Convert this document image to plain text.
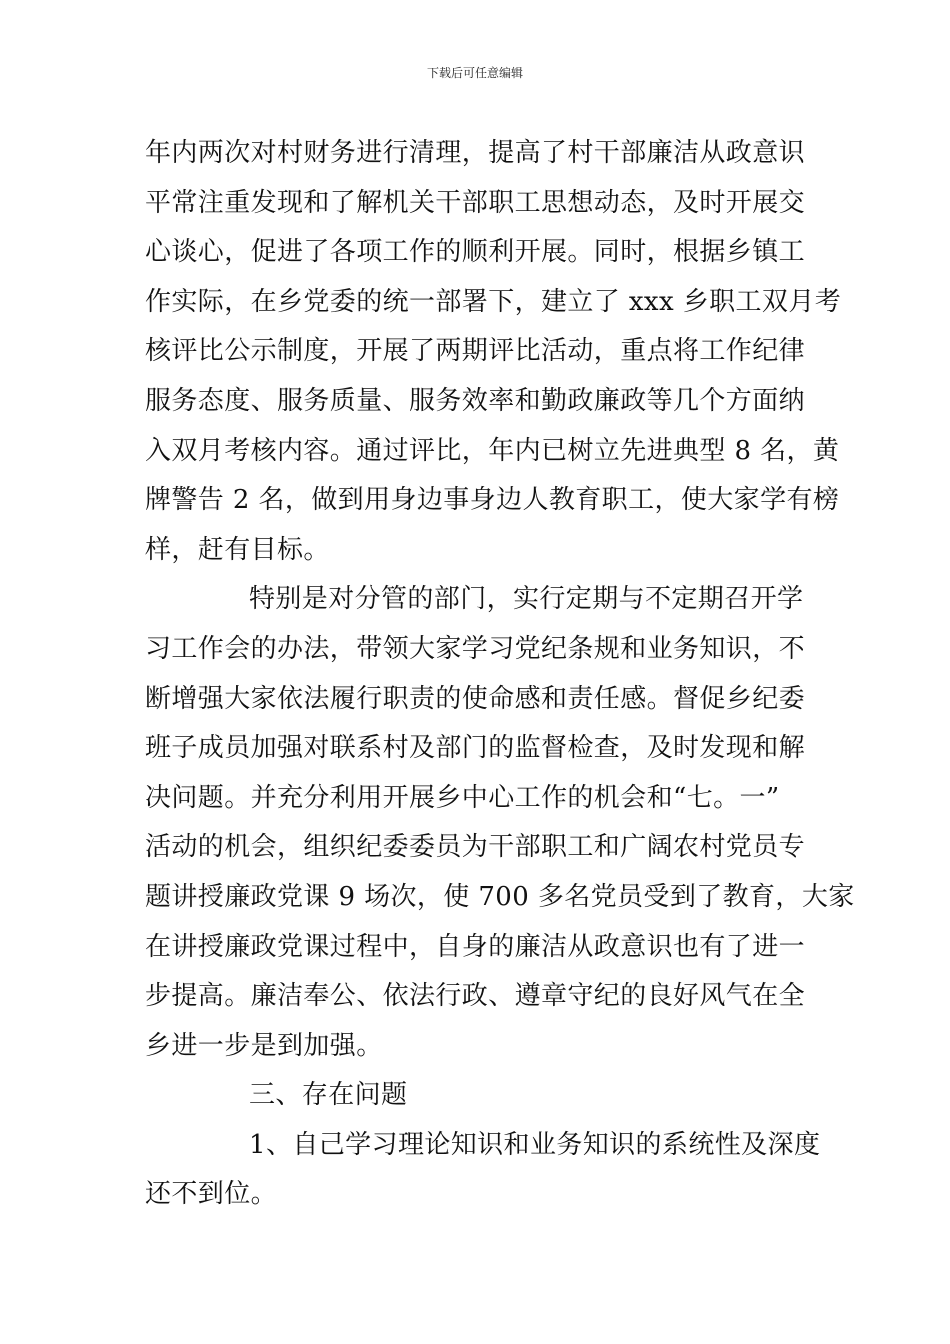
下载后可任意编辑
年内两次对村财务进行清理，提高了村干部廉洁从政意识
平常注重发现和了解机关干部职工思想动态，及时开展交
心谈心，促进了各项工作的顺利开展。同时，根据乡镇工
作实际，在乡党委的统一部署下，建立了 xxx 乡职工双月考
核评比公示制度，开展了两期评比活动，重点将工作纪律
服务态度、服务质量、服务效率和勤政廉政等几个方面纳
入双月考核内容。通过评比，年内已树立先进典型 8 名，黄
牌警告 2 名，做到用身边事身边人教育职工，使大家学有榜
样，赶有目标。
特别是对分管的部门，实行定期与不定期召开学
习工作会的办法，带领大家学习党纪条规和业务知识，不
断增强大家依法履行职责的使命感和责任感。督促乡纪委
班子成员加强对联系村及部门的监督检查，及时发现和解
决问题。并充分利用开展乡中心工作的机会和“七。一”
活动的机会，组织纪委委员为干部职工和广阔农村党员专
题讲授廉政党课 9 场次，使 700 多名党员受到了教育，大家
在讲授廉政党课过程中，自身的廉洁从政意识也有了进一
步提高。廉洁奉公、依法行政、遵章守纪的良好风气在全
乡进一步是到加强。
三、存在问题
1、自己学习理论知识和业务知识的系统性及深度
还不到位。
